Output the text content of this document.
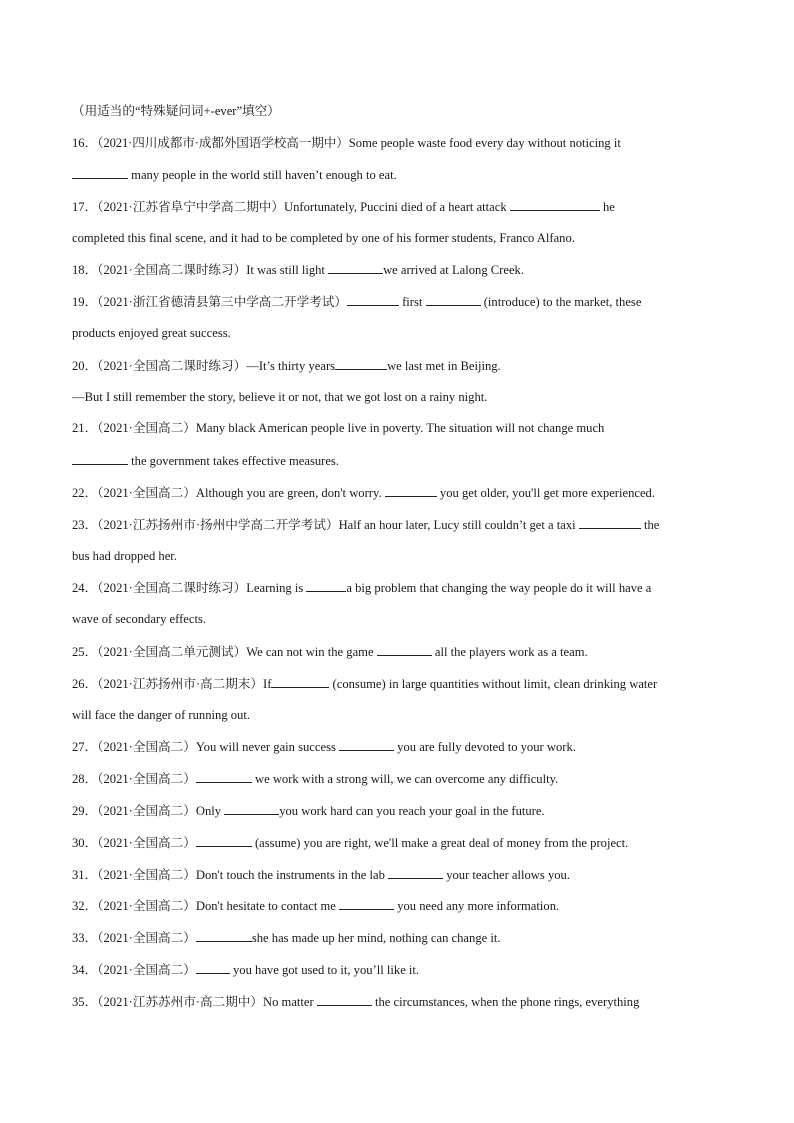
（用适当的“特殊疑问词+-ever”填空）
16．（2021·四川成都市·成都外国语学校高一期中）Some people waste food every day without noticing it
many people in the world still haven’t enough to eat.
17．（2021·江苏省阜宁中学高二期中）Unfortunately, Puccini died of a heart attack	he
completed this final scene, and it had to be completed by one of his former students, Franco Alfano.
18．（2021·全国高二课时练习）It was still light	we arrived at Lalong Creek.
19．（2021·浙江省德清县第三中学高二开学考试）	first	(introduce) to the market, these
products enjoyed great success.
20．（2021·全国高二课时练习）—It’s thirty years	we last met in Beijing.
—But I still remember the story, believe it or not, that we got lost on a rainy night.
21．（2021·全国高二）Many black American people live in poverty. The situation will not change much
the government takes effective measures.
22．（2021·全国高二）Although you are green, don't worry.	you get older, you'll get more experienced.
23．（2021·江苏扬州市·扬州中学高二开学考试）Half an hour later, Lucy still couldn’t get a taxi	the
bus had dropped her.
24．（2021·全国高二课时练习）Learning is	a big problem that changing the way people do it will have a
wave of secondary effects.
25．（2021·全国高二单元测试）We can not win the game	all the players work as a team.
26．（2021·江苏扬州市·高二期末）If	(consume) in large quantities without limit, clean drinking water
will face the danger of running out.
27．（2021·全国高二）You will never gain success	you are fully devoted to your work.
28．（2021·全国高二）	we work with a strong will, we can overcome any difficulty.
29．（2021·全国高二）Only	you work hard can you reach your goal in the future.
30．（2021·全国高二）	(assume) you are right, we'll make a great deal of money from the project.
31．（2021·全国高二）Don't touch the instruments in the lab	your teacher allows you.
32．（2021·全国高二）Don't hesitate to contact me	you need any more information.
33．（2021·全国高二）	she has made up her mind, nothing can change it.
34．（2021·全国高二）	you have got used to it, you’ll like it.
35．（2021·江苏苏州市·高二期中）No matter	the circumstances, when the phone rings, everything
